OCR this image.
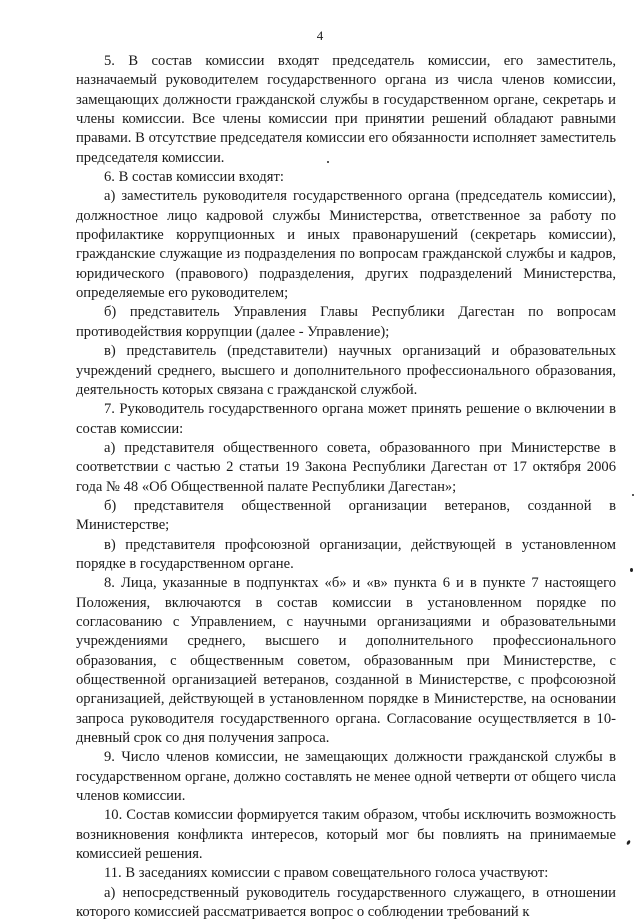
4

5. В состав комиссии входят председатель комиссии, его заместитель, назначаемый руководителем государственного органа из числа членов комиссии, замещающих должности гражданской службы в государственном органе, секретарь и члены комиссии. Все члены комиссии при принятии решений обладают равными правами. В отсутствие председателя комиссии его обязанности исполняет заместитель председателя комиссии.

6. В состав комиссии входят:

а) заместитель руководителя государственного органа (председатель комиссии), должностное лицо кадровой службы Министерства, ответственное за работу по профилактике коррупционных и иных правонарушений (секретарь комиссии), гражданские служащие из подразделения по вопросам гражданской службы и кадров, юридического (правового) подразделения, других подразделений Министерства, определяемые его руководителем;

б) представитель Управления Главы Республики Дагестан по вопросам противодействия коррупции (далее - Управление);

в) представитель (представители) научных организаций и образовательных учреждений среднего, высшего и дополнительного профессионального образования, деятельность которых связана с гражданской службой.

7. Руководитель государственного органа может принять решение о включении в состав комиссии:

а) представителя общественного совета, образованного при Министерстве в соответствии с частью 2 статьи 19 Закона Республики Дагестан от 17 октября 2006 года № 48 «Об Общественной палате Республики Дагестан»;

б) представителя общественной организации ветеранов, созданной в Министерстве;

в) представителя профсоюзной организации, действующей в установленном порядке в государственном органе.

8. Лица, указанные в подпунктах «б» и «в» пункта 6 и в пункте 7 настоящего Положения, включаются в состав комиссии в установленном порядке по согласованию с Управлением, с научными организациями и образовательными учреждениями среднего, высшего и дополнительного профессионального образования, с общественным советом, образованным при Министерстве, с общественной организацией ветеранов, созданной в Министерстве, с профсоюзной организацией, действующей в установленном порядке в Министерстве, на основании запроса руководителя государственного органа. Согласование осуществляется в 10-дневный срок со дня получения запроса.

9. Число членов комиссии, не замещающих должности гражданской службы в государственном органе, должно составлять не менее одной четверти от общего числа членов комиссии.

10. Состав комиссии формируется таким образом, чтобы исключить возможность возникновения конфликта интересов, который мог бы повлиять на принимаемые комиссией решения.

11. В заседаниях комиссии с правом совещательного голоса участвуют:

а) непосредственный руководитель государственного служащего, в отношении которого комиссией рассматривается вопрос о соблюдении требований к
